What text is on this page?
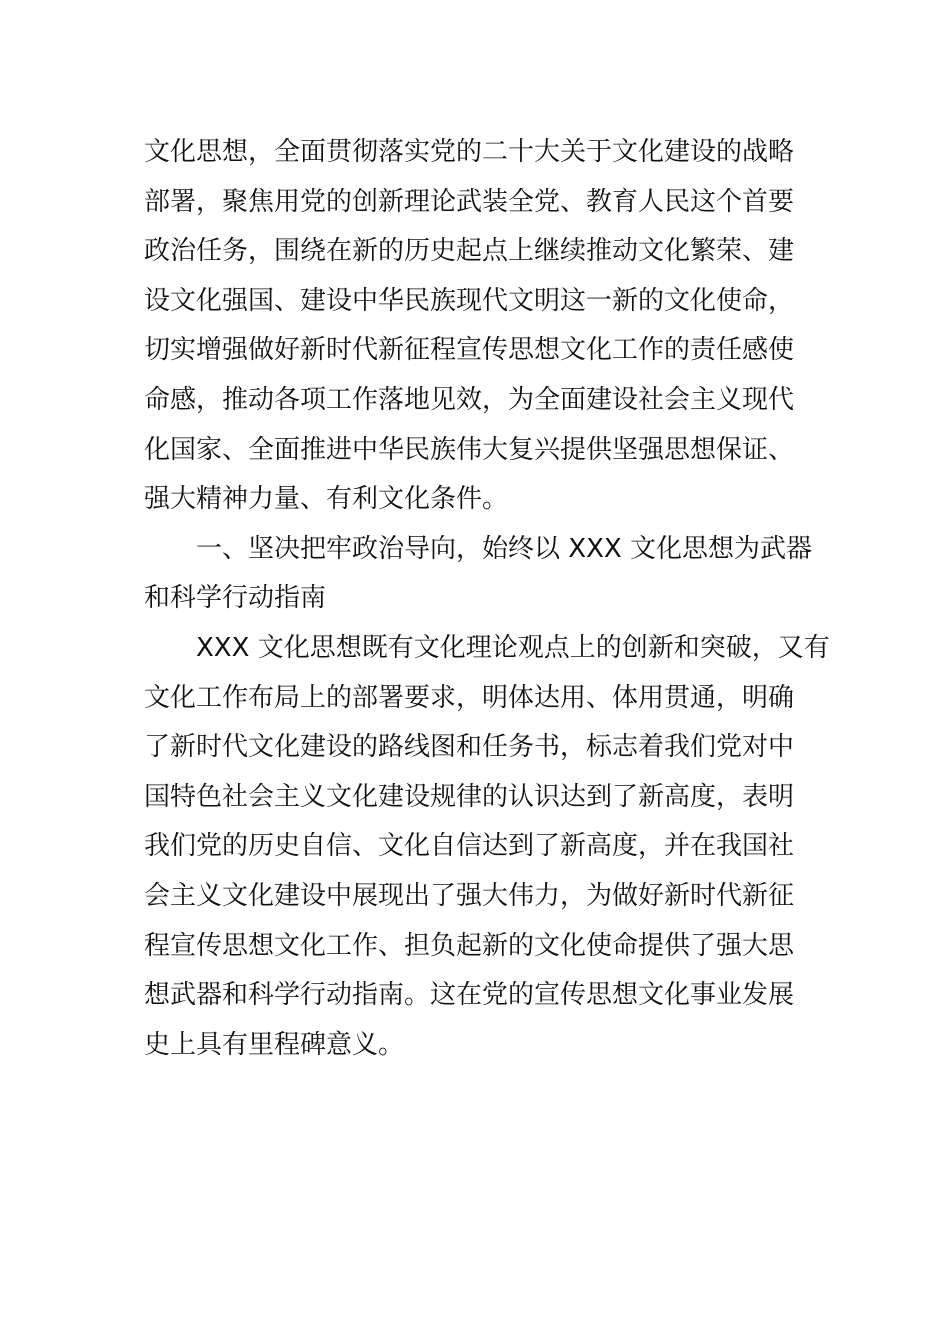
文化思想，全面贯彻落实党的二十大关于文化建设的战略
部署，聚焦用党的创新理论武装全党、教育人民这个首要
政治任务，围绕在新的历史起点上继续推动文化繁荣、建
设文化强国、建设中华民族现代文明这一新的文化使命，
切实增强做好新时代新征程宣传思想文化工作的责任感使
命感，推动各项工作落地见效，为全面建设社会主义现代
化国家、全面推进中华民族伟大复兴提供坚强思想保证、
强大精神力量、有利文化条件。
一、坚决把牢政治导向，始终以 XXX 文化思想为武器
和科学行动指南
XXX 文化思想既有文化理论观点上的创新和突破，又有
文化工作布局上的部署要求，明体达用、体用贯通，明确
了新时代文化建设的路线图和任务书，标志着我们党对中
国特色社会主义文化建设规律的认识达到了新高度，表明
我们党的历史自信、文化自信达到了新高度，并在我国社
会主义文化建设中展现出了强大伟力，为做好新时代新征
程宣传思想文化工作、担负起新的文化使命提供了强大思
想武器和科学行动指南。这在党的宣传思想文化事业发展
史上具有里程碑意义。
